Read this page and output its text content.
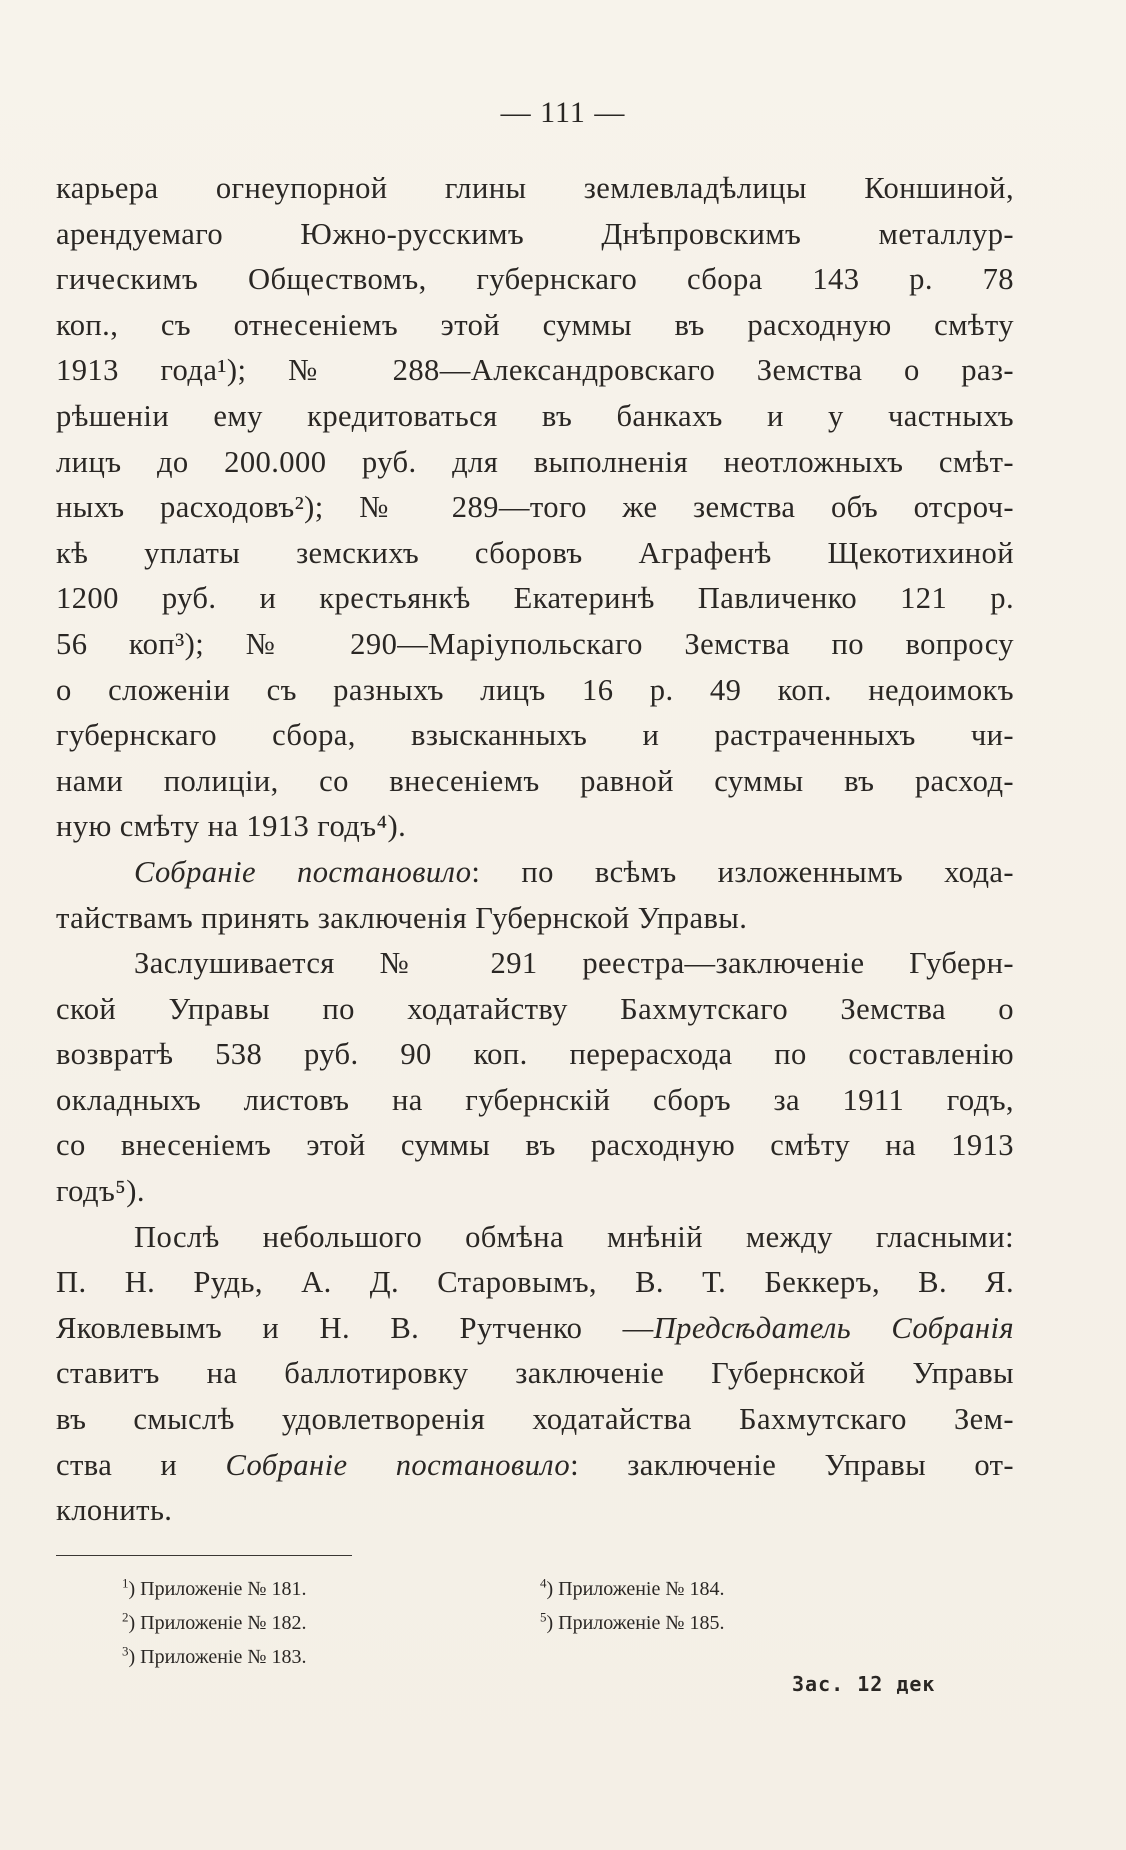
— 111 —
карьера огнеупорной глины землевладѣлицы Коншиной,
арендуемаго Южно-русскимъ Днѣпровскимъ металлур-
гическимъ Обществомъ, губернскаго сбора 143 р. 78
коп., съ отнесеніемъ этой суммы въ расходную смѣту
1913 года¹); № 288—Александровскаго Земства о раз-
рѣшеніи ему кредитоваться въ банкахъ и у частныхъ
лицъ до 200.000 руб. для выполненія неотложныхъ смѣт-
ныхъ расходовъ²); № 289—того же земства объ отсроч-
кѣ уплаты земскихъ сборовъ Аграфенѣ Щекотихиной
1200 руб. и крестьянкѣ Екатеринѣ Павличенко 121 р.
56 коп³); № 290—Маріупольскаго Земства по вопросу
о сложеніи съ разныхъ лицъ 16 р. 49 коп. недоимокъ
губернскаго сбора, взысканныхъ и растраченныхъ чи-
нами полиціи, со внесеніемъ равной суммы въ расход-
ную смѣту на 1913 годъ⁴).
Собраніе постановило: по всѣмъ изложеннымъ хода-
тайствамъ принять заключенія Губернской Управы.
Заслушивается № 291 реестра—заключеніе Губерн-
ской Управы по ходатайству Бахмутскаго Земства о
возвратѣ 538 руб. 90 коп. перерасхода по составленію
окладныхъ листовъ на губернскій сборъ за 1911 годъ,
со внесеніемъ этой суммы въ расходную смѣту на 1913
годъ⁵).
Послѣ небольшого обмѣна мнѣній между гласными:
П. Н. Рудь, А. Д. Старовымъ, В. Т. Беккеръ, В. Я.
Яковлевымъ и Н. В. Рутченко —Предсѣдатель Собранія
ставитъ на баллотировку заключеніе Губернской Управы
въ смыслѣ удовлетворенія ходатайства Бахмутскаго Зем-
ства и Собраніе постановило: заключеніе Управы от-
клонить.
$^1$) Приложеніе № 181.
$^2$) Приложеніе № 182.
$^3$) Приложеніе № 183.
$^4$) Приложеніе № 184.
$^5$) Приложеніе № 185.
Зас. 12 дек
